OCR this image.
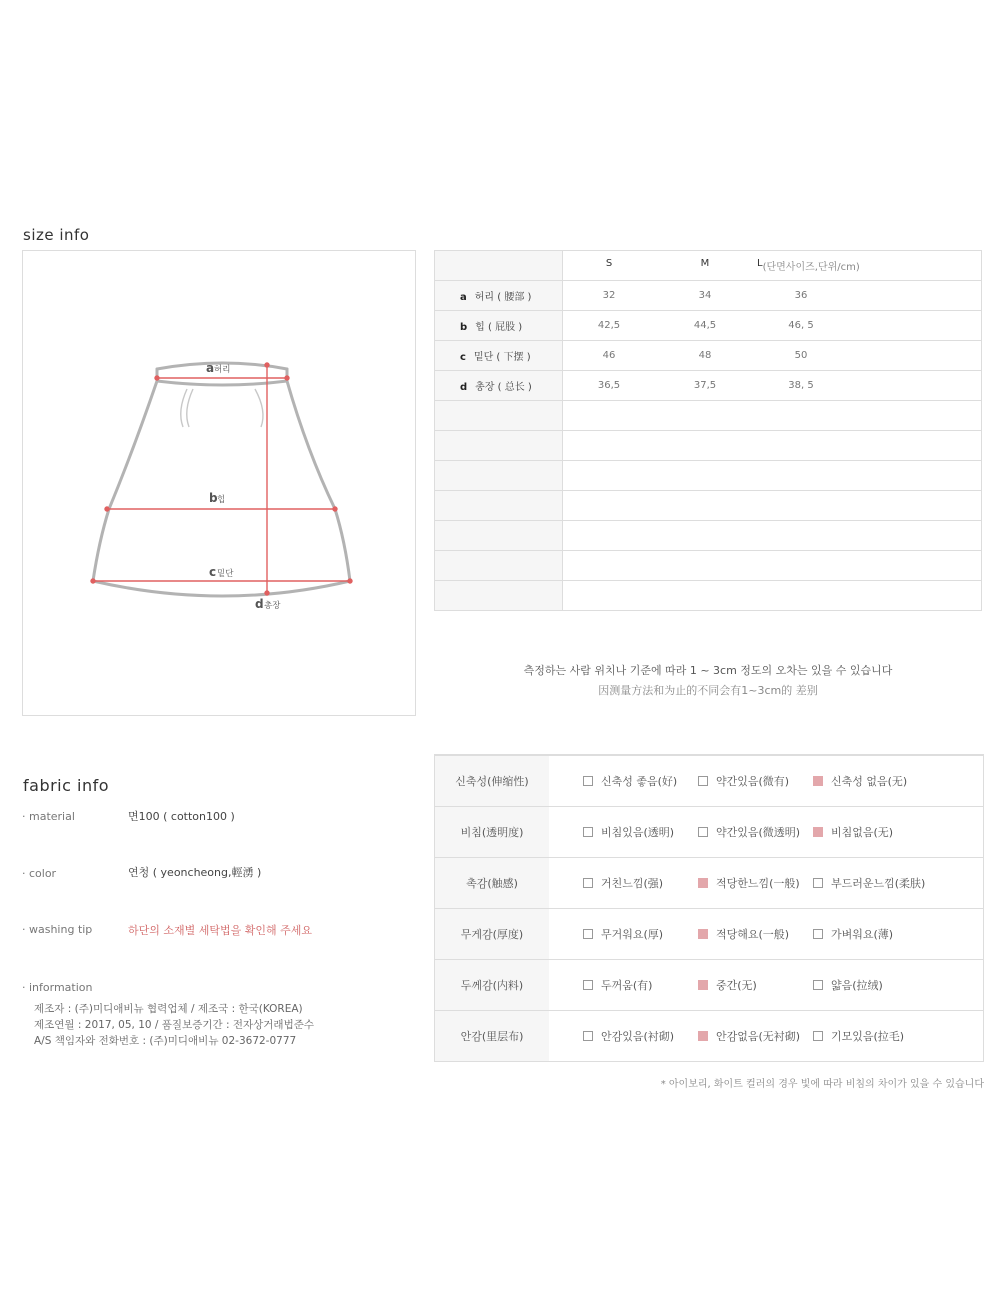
size info
a 허리
b 힙
c 밑단
d 총장
	S M L(단면사이즈,단위/cm)
a 허리 ( 腰部 )	32 34 36
b 힙 ( 屁股 )	42,5 44,5 46, 5
c 밑단 ( 下摆 )	46 48 50
d 총장 ( 总长 )	36,5 37,5 38, 5

측정하는 사람 위치나 기준에 따라 1 ~ 3cm 정도의 오차는 있을 수 있습니다
因测量方法和为止的不同会有1~3cm的 差别
fabric info
· material	면100 ( cotton100 )
· color	연청 ( yeoncheong,輕湧 )
· washing tip	하단의 소재별 세탁법을 확인해 주세요
· information
제조자 : (주)미디애비뉴 협력업체 / 제조국 : 한국(KOREA)
제조연월 : 2017, 05, 10 / 품질보증기간 : 전자상거래법준수
A/S 책임자와 전화번호 : (주)미디애비뉴 02-3672-0777
신축성(伸缩性)	신축성 좋음(好) 약간있음(微有) 신축성 없음(无)
비침(透明度)	비침있음(透明) 약간있음(微透明) 비침없음(无)
촉감(触感)	거친느낌(强) 적당한느낌(一般) 부드러운느낌(柔肤)
무게감(厚度)	무거워요(厚) 적당해요(一般) 가벼워요(薄)
두께감(内料)	두꺼움(有) 중간(无) 얇음(拉绒)
안감(里层布)	안감있음(衬砌) 안감없음(无衬砌) 기모있음(拉毛)
* 아이보리, 화이트 컬러의 경우 빛에 따라 비침의 차이가 있을 수 있습니다
